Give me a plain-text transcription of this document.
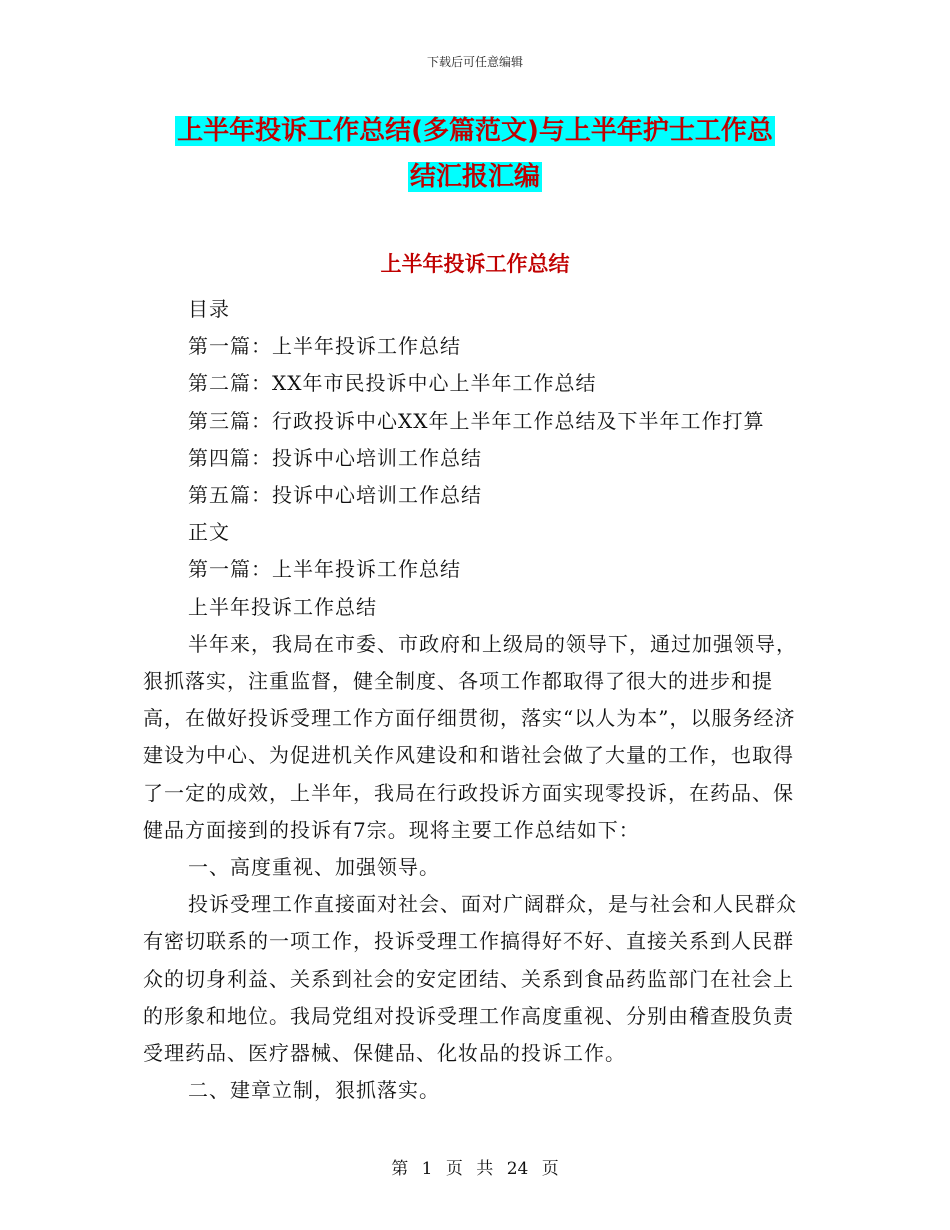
下载后可任意编辑
上半年投诉工作总结(多篇范文)与上半年护士工作总
结汇报汇编
上半年投诉工作总结

目录

第一篇：上半年投诉工作总结

第二篇：XX年市民投诉中心上半年工作总结

第三篇：行政投诉中心XX年上半年工作总结及下半年工作打算

第四篇：投诉中心培训工作总结

第五篇：投诉中心培训工作总结

正文

第一篇：上半年投诉工作总结

上半年投诉工作总结

半年来，我局在市委、市政府和上级局的领导下，通过加强领导，狠抓落实，注重监督，健全制度、各项工作都取得了很大的进步和提高，在做好投诉受理工作方面仔细贯彻，落实“以人为本”，以服务经济建设为中心、为促进机关作风建设和和谐社会做了大量的工作，也取得了一定的成效，上半年，我局在行政投诉方面实现零投诉，在药品、保健品方面接到的投诉有7宗。现将主要工作总结如下：

一、高度重视、加强领导。

投诉受理工作直接面对社会、面对广阔群众，是与社会和人民群众有密切联系的一项工作，投诉受理工作搞得好不好、直接关系到人民群众的切身利益、关系到社会的安定团结、关系到食品药监部门在社会上的形象和地位。我局党组对投诉受理工作高度重视、分别由稽查股负责受理药品、医疗器械、保健品、化妆品的投诉工作。

二、建章立制，狠抓落实。

第 1 页 共 24 页
